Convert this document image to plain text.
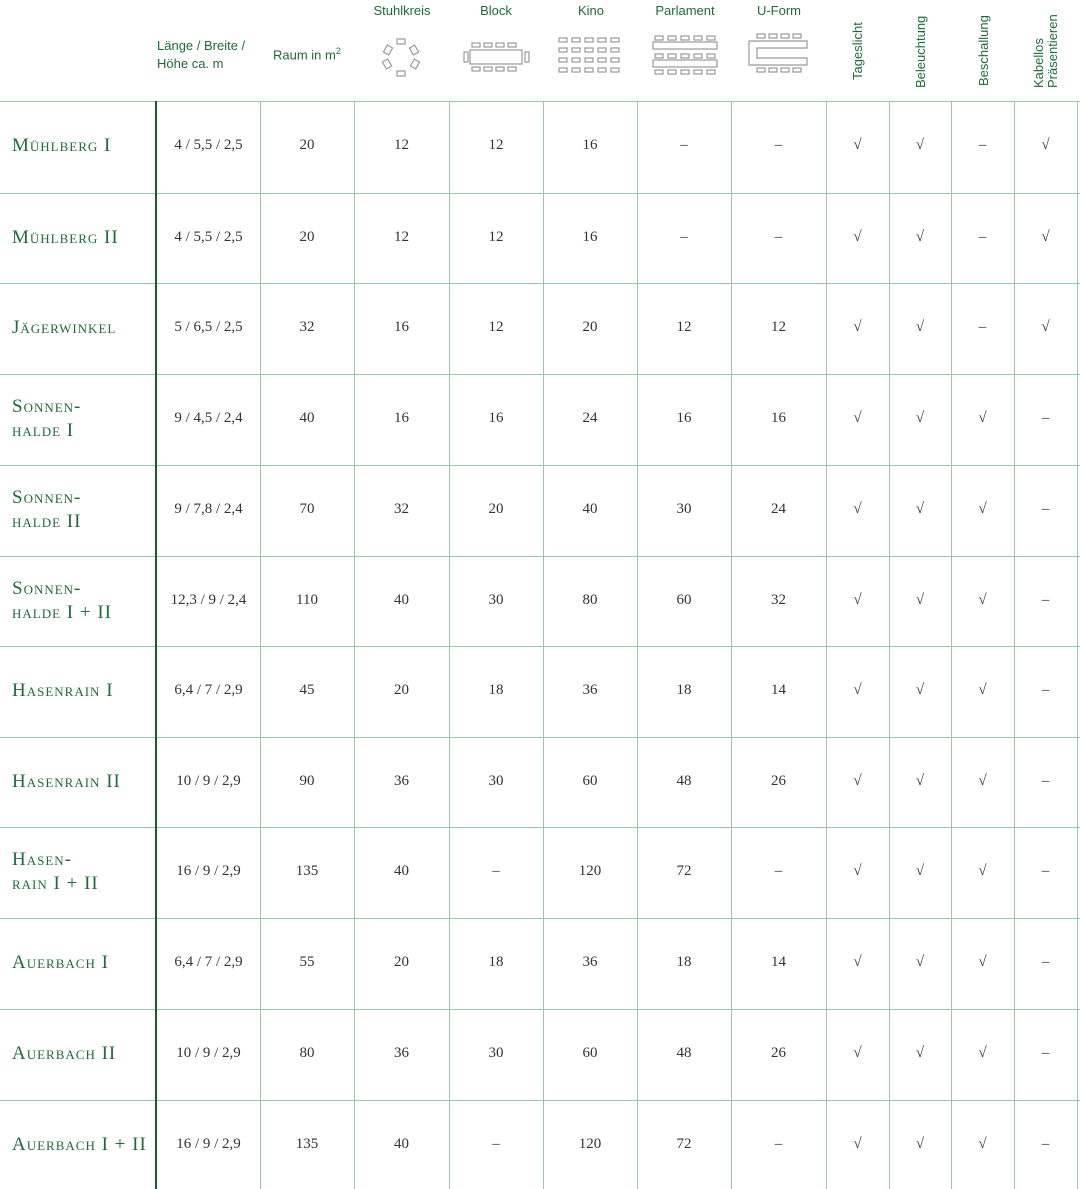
Länge / Breite /
Höhe ca. m
Raum in $m^2$
Stuhlkreis	Block	Kino	Parlament	U-Form
Tageslicht	Beleuchtung	Beschallung	Kabellos Präsentieren
Mühlberg I	4 / 5,5 / 2,5	20	12	12	16	–	–	√	√	–	√
Mühlberg II	4 / 5,5 / 2,5	20	12	12	16	–	–	√	√	–	√
Jägerwinkel	5 / 6,5 / 2,5	32	16	12	20	12	12	√	√	–	√
Sonnen-
halde I
9 / 4,5 / 2,4	40	16	16	24	16	16	√	√	√	–
Sonnen-
halde II
9 / 7,8 / 2,4	70	32	20	40	30	24	√	√	√	–
Sonnen-
halde I + II
12,3 / 9 / 2,4	110	40	30	80	60	32	√	√	√	–
Hasenrain I	6,4 / 7 / 2,9	45	20	18	36	18	14	√	√	√	–
Hasenrain II	10 / 9 / 2,9	90	36	30	60	48	26	√	√	√	–
Hasen-
rain I + II
16 / 9 / 2,9	135	40	–	120	72	–	√	√	√	–
Auerbach I	6,4 / 7 / 2,9	55	20	18	36	18	14	√	√	√	–
Auerbach II	10 / 9 / 2,9	80	36	30	60	48	26	√	√	√	–
Auerbach I + II	16 / 9 / 2,9	135	40	–	120	72	–	√	√	√	–
